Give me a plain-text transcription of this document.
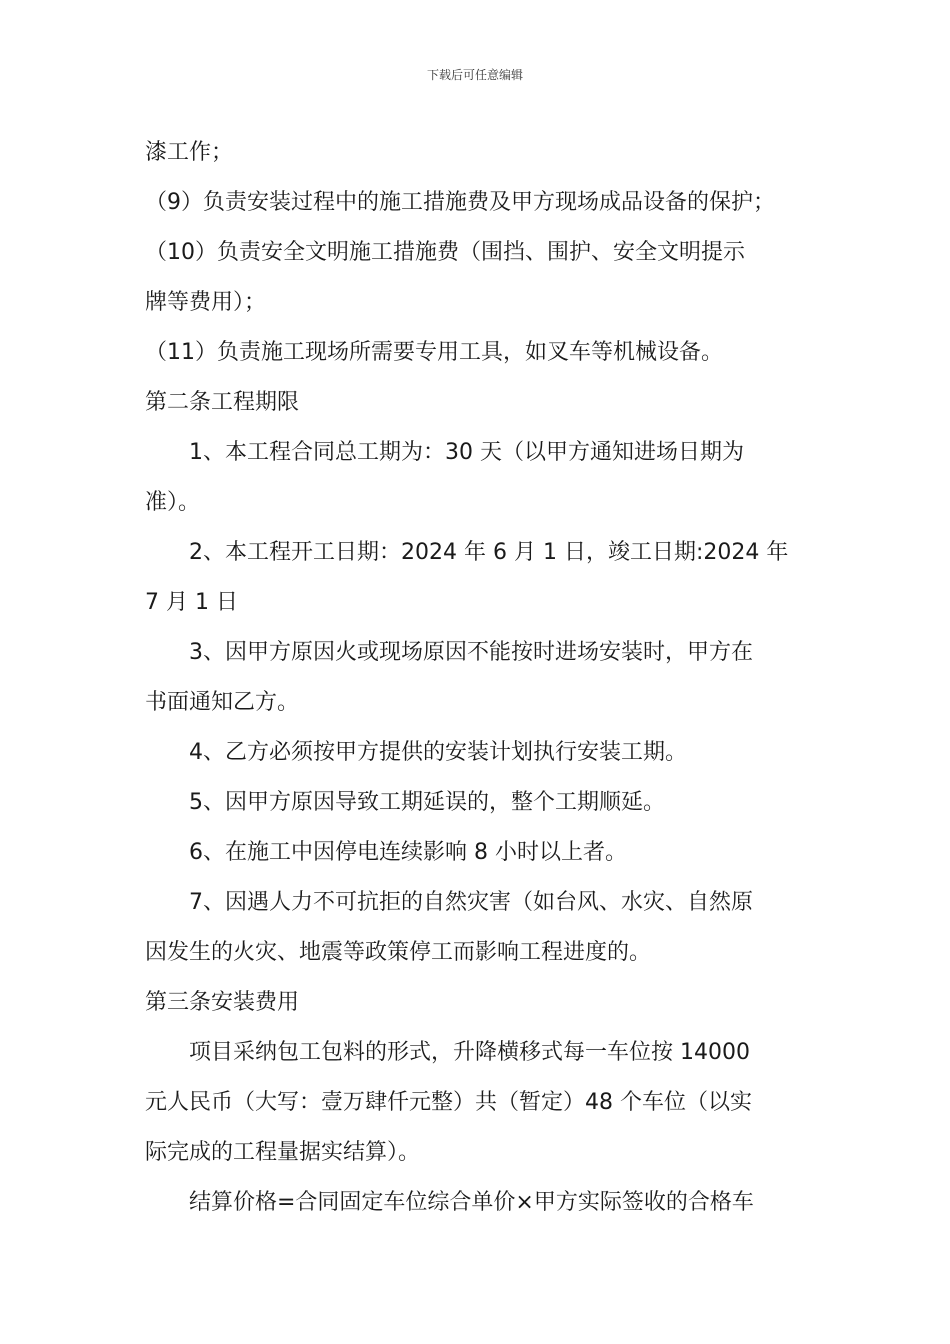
下载后可任意编辑
漆工作；
（9）负责安装过程中的施工措施费及甲方现场成品设备的保护；
（10）负责安全文明施工措施费（围挡、围护、安全文明提示
牌等费用）；
（11）负责施工现场所需要专用工具，如叉车等机械设备。
第二条工程期限
1、本工程合同总工期为：30 天（以甲方通知进场日期为
准）。
2、本工程开工日期：2024 年 6 月 1 日，竣工日期:2024 年
7 月 1 日
3、因甲方原因火或现场原因不能按时进场安装时，甲方在
书面通知乙方。
4、乙方必须按甲方提供的安装计划执行安装工期。
5、因甲方原因导致工期延误的，整个工期顺延。
6、在施工中因停电连续影响 8 小时以上者。
7、因遇人力不可抗拒的自然灾害（如台风、水灾、自然原
因发生的火灾、地震等政策停工而影响工程进度的。
第三条安装费用
项目采纳包工包料的形式，升降横移式每一车位按 14000
元人民币（大写：壹万肆仟元整）共（暂定）48 个车位（以实
际完成的工程量据实结算）。
结算价格=合同固定车位综合单价×甲方实际签收的合格车
